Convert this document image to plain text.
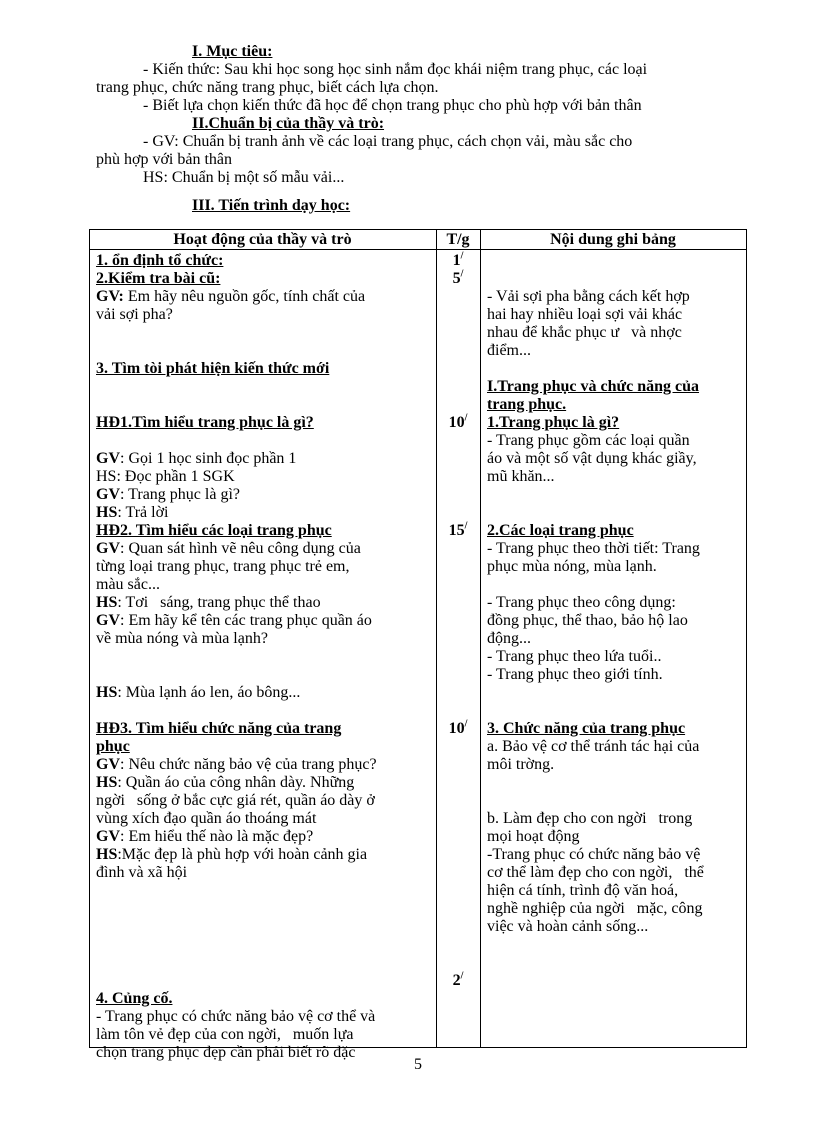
I. Mục tiêu:
- Kiến thức: Sau khi học song học sinh nắm đọc khái niệm trang phục, các loại
trang phục, chức năng trang phục, biết cách lựa chọn.
- Biết lựa chọn kiến thức đã học để chọn trang phục cho phù hợp với bản thân
II.Chuẩn bị của thầy và trò:
- GV: Chuẩn bị tranh ảnh về các loại trang phục, cách chọn vải, màu sắc cho
phù hợp với bản thân
HS: Chuẩn bị một số mẫu vải...
III. Tiến trình dạy học:
Hoạt động của thầy và trò	T/g	Nội dung ghi bảng

1. ổn định tổ chức:

2.Kiểm tra bài cũ:

GV: Em hãy nêu nguồn gốc, tính chất của

vải sợi pha?

3. Tìm tòi phát hiện kiến thức mới

HĐ1.Tìm hiểu trang phục là gì?

GV: Gọi 1 học sinh đọc phần 1

HS: Đọc phần 1 SGK

GV: Trang phục là gì?

HS: Trả lời

HĐ2. Tìm hiểu các loại trang phục

GV: Quan sát hình vẽ nêu công dụng của

từng loại trang phục, trang phục trẻ em,

màu sắc...

HS: Tơi   sáng, trang phục thể thao

GV: Em hãy kể tên các trang phục quần áo

về mùa nóng và mùa lạnh?

HS: Mùa lạnh áo len, áo bông...

HĐ3. Tìm hiểu chức năng của trang

phục

GV: Nêu chức năng bảo vệ của trang phục?

HS: Quần áo của công nhân dày. Những

ngời   sống ở bắc cực giá rét, quần áo dày ở

vùng xích đạo quần áo thoáng mát

GV: Em hiểu thế nào là mặc đẹp?

HS:Mặc đẹp là phù hợp với hoàn cảnh gia

đình và xã hội

4. Củng cố.

- Trang phục có chức năng bảo vệ cơ thể và

làm tôn vẻ đẹp của con ngời,   muốn lựa

chọn trang phục đẹp cần phải biết rõ đặc

- Vải sợi pha bằng cách kết hợp

hai hay nhiều loại sợi vải khác

nhau để khắc phục ư   và nhợc

điểm...

I.Trang phục và chức năng của

trang phục.

1.Trang phục là gì?

- Trang phục gồm các loại quần

áo và một số vật dụng khác giầy,

mũ khăn...

2.Các loại trang phục

- Trang phục theo thời tiết: Trang

phục mùa nóng, mùa lạnh.

- Trang phục theo công dụng:

đồng phục, thể thao, bảo hộ lao

động...

- Trang phục theo lứa tuổi..

- Trang phục theo giới tính.

3. Chức năng của trang phục

a. Bảo vệ cơ thể tránh tác hại của

môi trờng.

b. Làm đẹp cho con ngời   trong

mọi hoạt động

-Trang phục có chức năng bảo vệ

cơ thể làm đẹp cho con ngời,   thể

hiện cá tính, trình độ văn hoá,

nghề nghiệp của ngời   mặc, công

việc và hoàn cảnh sống...

1/
5/
10/
15/
10/
2/
5
